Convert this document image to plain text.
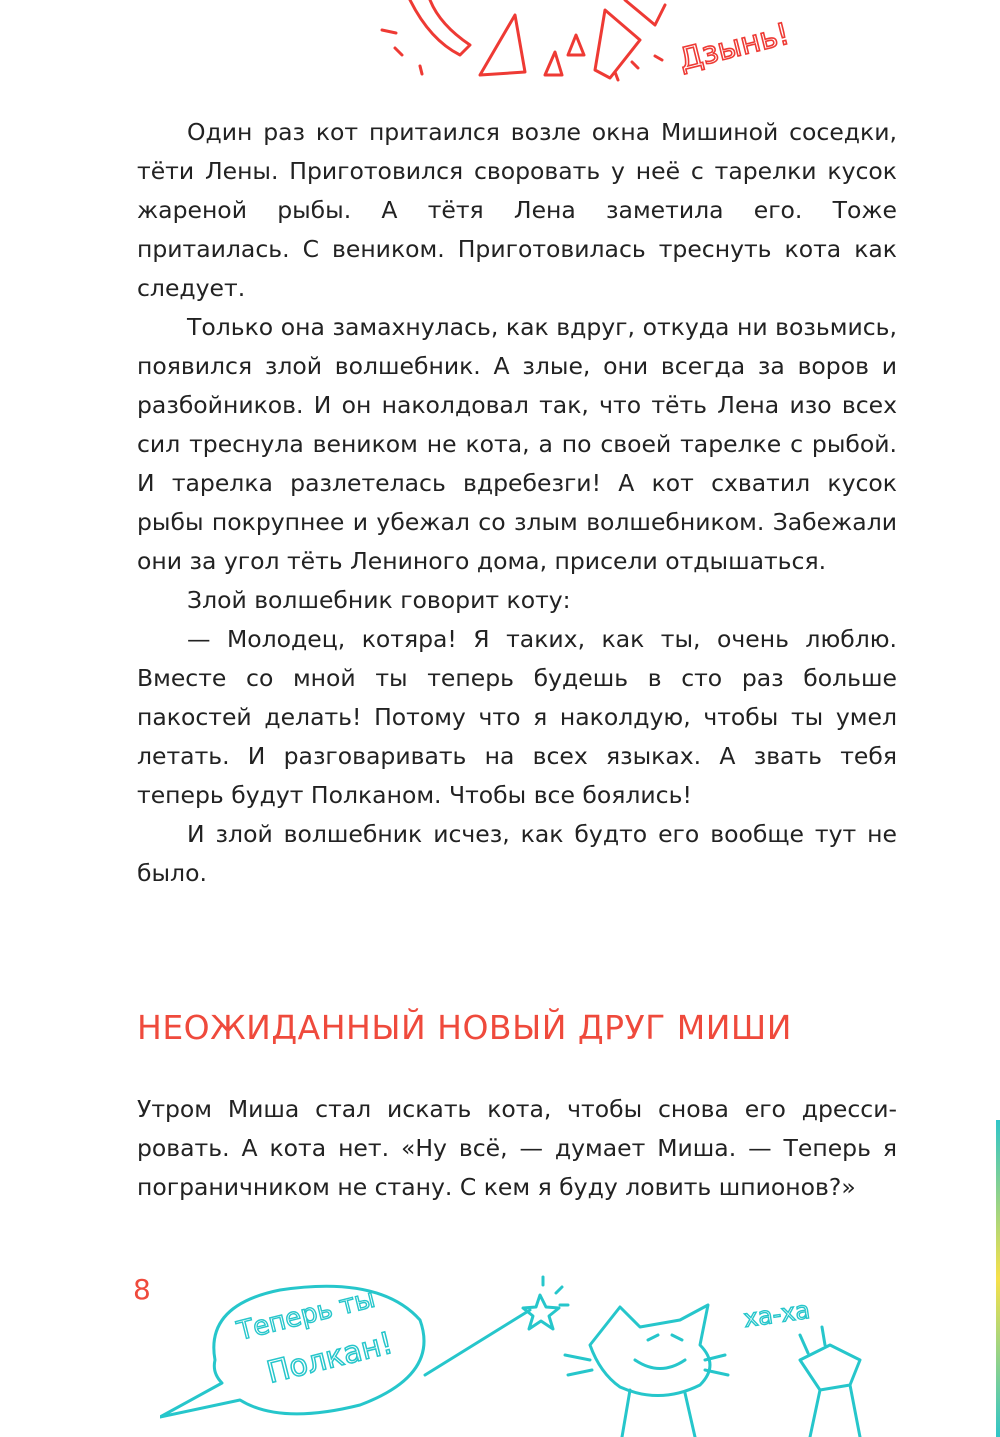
Дзынь!

Один раз кот притаился возле окна Мишиной соседки, тёти Лены. Приготовился своровать у неё с тарелки кусок жареной рыбы. А тётя Лена заметила его. Тоже притаилась. С веником. Приготовилась треснуть кота как следует.

Только она замахнулась, как вдруг, откуда ни возьмись, появился злой волшебник. А злые, они всегда за воров и разбойников. И он наколдовал так, что тёть Лена изо всех сил треснула веником не кота, а по своей тарелке с рыбой. И тарелка разлетелась вдребезги! А кот схватил кусок рыбы покрупнее и убежал со злым волшебником. Забежали они за угол тёть Лениного дома, присели отдышаться.

Злой волшебник говорит коту:

— Молодец, котяра! Я таких, как ты, очень люблю. Вместе со мной ты теперь будешь в сто раз больше пакостей делать! Потому что я наколдую, чтобы ты умел летать. И разговаривать на всех языках. А звать тебя теперь будут Полканом. Чтобы все боялись!

И злой волшебник исчез, как будто его вообще тут не было.

НЕОЖИДАННЫЙ НОВЫЙ ДРУГ МИШИ

Утром Миша стал искать кота, чтобы снова его дрессировать. А кота нет. «Ну всё, — думает Миша. — Теперь я пограничником не стану. С кем я буду ловить шпионов?»

8	Теперь ты
Полкан!
ха-ха
